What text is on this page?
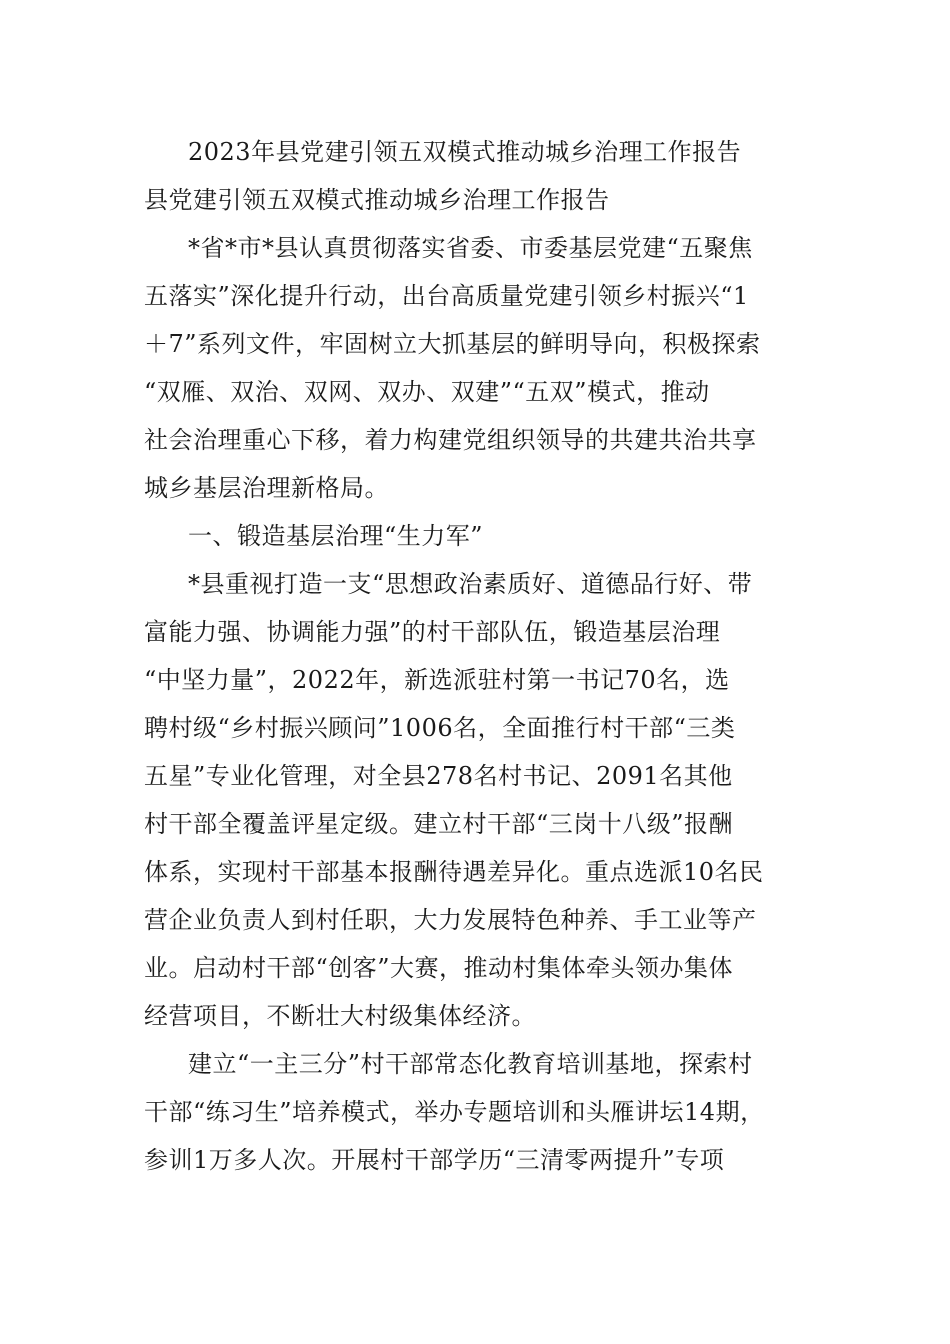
2023年县党建引领五双模式推动城乡治理工作报告
县党建引领五双模式推动城乡治理工作报告
*省*市*县认真贯彻落实省委、市委基层党建“五聚焦
五落实”深化提升行动，出台高质量党建引领乡村振兴“1
＋7”系列文件，牢固树立大抓基层的鲜明导向，积极探索
“双雁、双治、双网、双办、双建”“五双”模式，推动
社会治理重心下移，着力构建党组织领导的共建共治共享
城乡基层治理新格局。
一、锻造基层治理“生力军”
*县重视打造一支“思想政治素质好、道德品行好、带
富能力强、协调能力强”的村干部队伍，锻造基层治理
“中坚力量”，2022年，新选派驻村第一书记70名，选
聘村级“乡村振兴顾问”1006名，全面推行村干部“三类
五星”专业化管理，对全县278名村书记、2091名其他
村干部全覆盖评星定级。建立村干部“三岗十八级”报酬
体系，实现村干部基本报酬待遇差异化。重点选派10名民
营企业负责人到村任职，大力发展特色种养、手工业等产
业。启动村干部“创客”大赛，推动村集体牵头领办集体
经营项目，不断壮大村级集体经济。
建立“一主三分”村干部常态化教育培训基地，探索村
干部“练习生”培养模式，举办专题培训和头雁讲坛14期，
参训1万多人次。开展村干部学历“三清零两提升”专项
